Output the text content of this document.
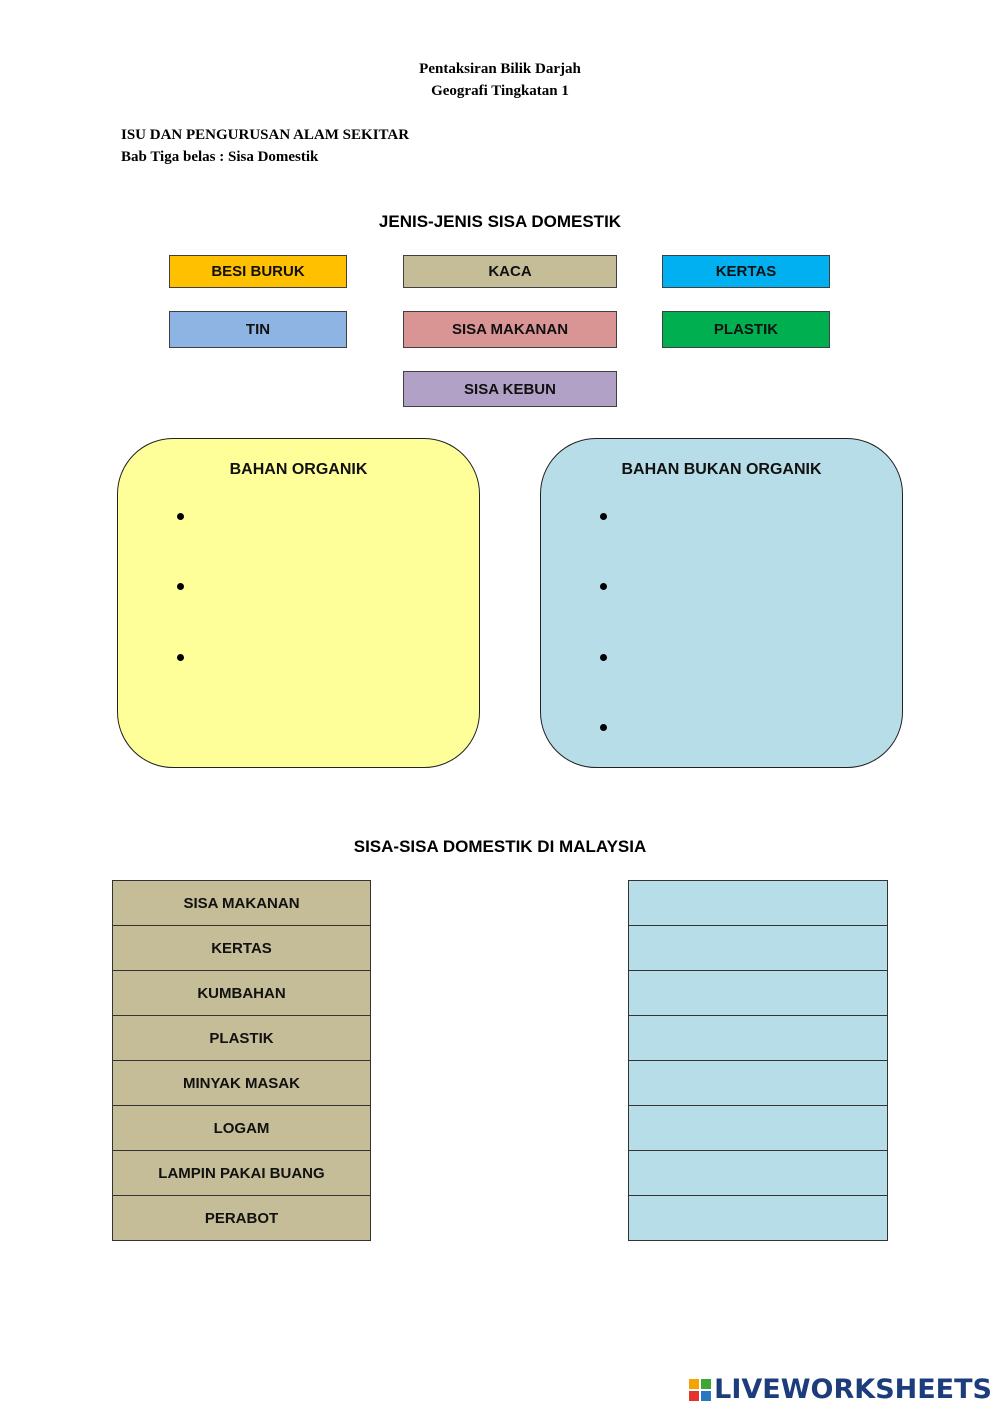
Pentaksiran Bilik Darjah
Geografi Tingkatan 1
ISU DAN PENGURUSAN ALAM SEKITAR
Bab Tiga belas : Sisa Domestik
JENIS-JENIS SISA DOMESTIK
BESI BURUK	KACA	KERTAS
TIN	SISA MAKANAN	PLASTIK
SISA KEBUN
BAHAN ORGANIK	BAHAN BUKAN ORGANIK
SISA-SISA DOMESTIK DI MALAYSIA
SISA MAKANAN
KERTAS
KUMBAHAN
PLASTIK
MINYAK MASAK
LOGAM
LAMPIN PAKAI BUANG
PERABOT
LIVEWORKSHEETS
